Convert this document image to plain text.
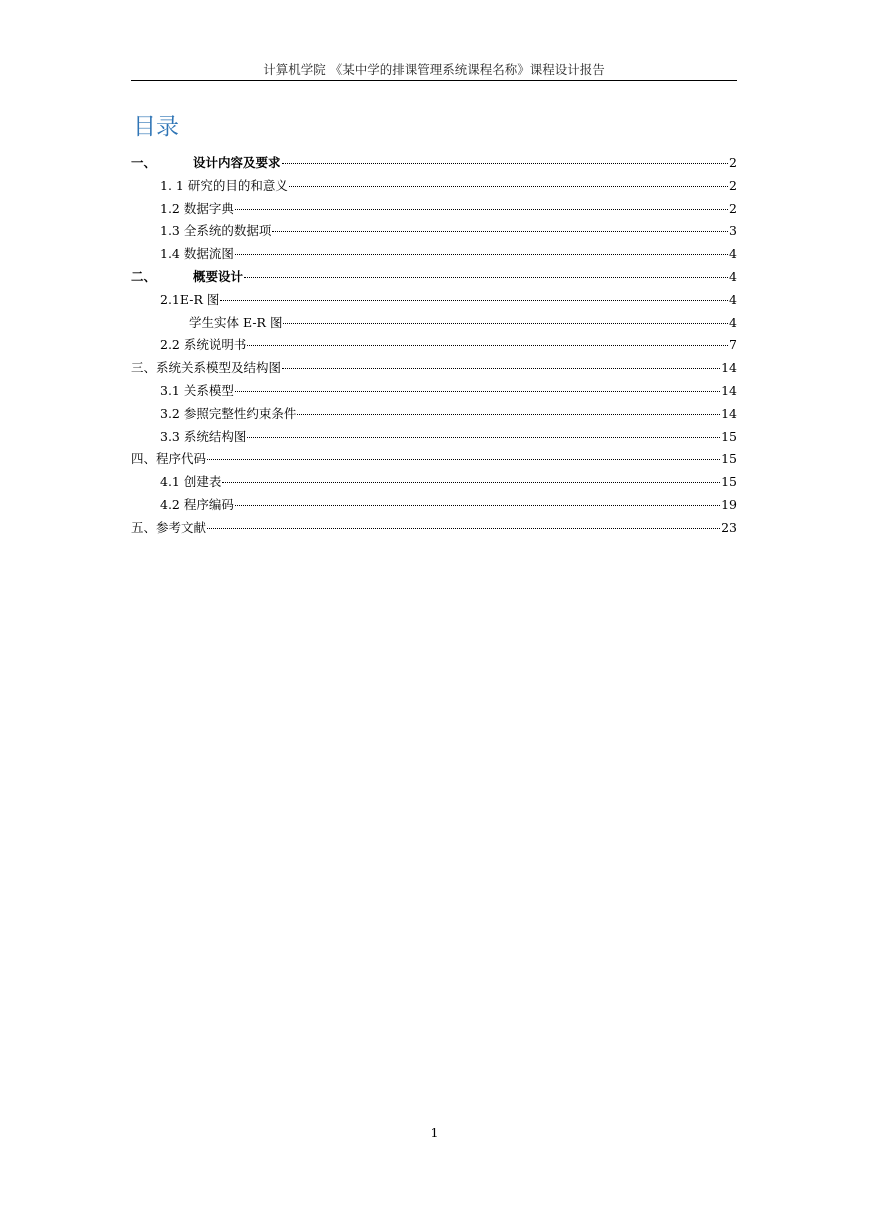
计算机学院 《某中学的排课管理系统课程名称》课程设计报告
目录
一、	设计内容及要求	2
1. 1 研究的目的和意义	2
1.2 数据字典	2
1.3 全系统的数据项	3
1.4 数据流图	4
二、	概要设计	4
2.1E-R 图	4
学生实体 E-R 图	4
2.2 系统说明书	7
三、系统关系模型及结构图	14
3.1 关系模型	14
3.2 参照完整性约束条件	14
3.3 系统结构图	15
四、程序代码	15
4.1 创建表	15
4.2 程序编码	19
五、参考文献	23
1
